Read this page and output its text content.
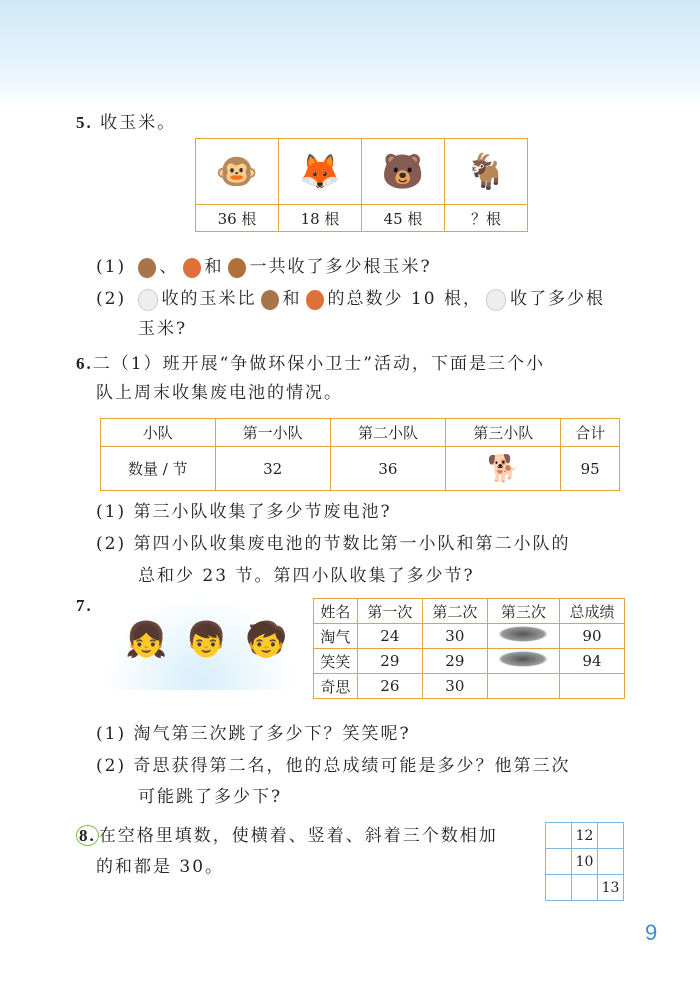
5. 收玉米。
🐵	🦊	🐻	🐐
36 根	18 根	45 根	？根
(1) 、 和 一共收了多少根玉米?
(2) 收的玉米比 和 的总数少 10 根， 收了多少根
玉米?
6.二（1）班开展“争做环保小卫士”活动，下面是三个小
队上周末收集废电池的情况。
小队	第一小队	第二小队	第三小队	合计
数量 / 节	32	36	🐕	95
(1) 第三小队收集了多少节废电池?
(2) 第四小队收集废电池的节数比第一小队和第二小队的
总和少 23 节。第四小队收集了多少节?
7.
👧 👦 🧒
姓名	第一次	第二次	第三次	总成绩
淘气	24	30		90
笑笑	29	29		94
奇思	26	30		
(1) 淘气第三次跳了多少下？笑笑呢?
(2) 奇思获得第二名，他的总成绩可能是多少？他第三次
可能跳了多少下?
8. 在空格里填数，使横着、竖着、斜着三个数相加
的和都是 30。
	12	
	10	
		13
9
